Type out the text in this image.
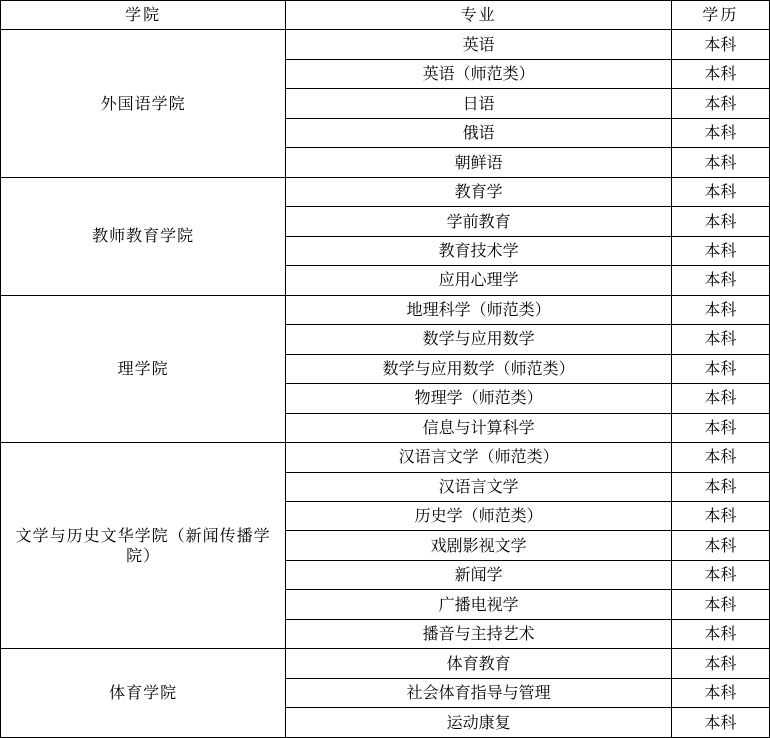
学院	专业	学历
外国语学院	英语	本科
	英语（师范类）	本科
	日语	本科
	俄语	本科
	朝鲜语	本科
教师教育学院	教育学	本科
	学前教育	本科
	教育技术学	本科
	应用心理学	本科
理学院	地理科学（师范类）	本科
	数学与应用数学	本科
	数学与应用数学（师范类）	本科
	物理学（师范类）	本科
	信息与计算科学	本科
文学与历史文华学院（新闻传播学院）	汉语言文学（师范类）	本科
	汉语言文学	本科
	历史学（师范类）	本科
	戏剧影视文学	本科
	新闻学	本科
	广播电视学	本科
	播音与主持艺术	本科
体育学院	体育教育	本科
	社会体育指导与管理	本科
	运动康复	本科
